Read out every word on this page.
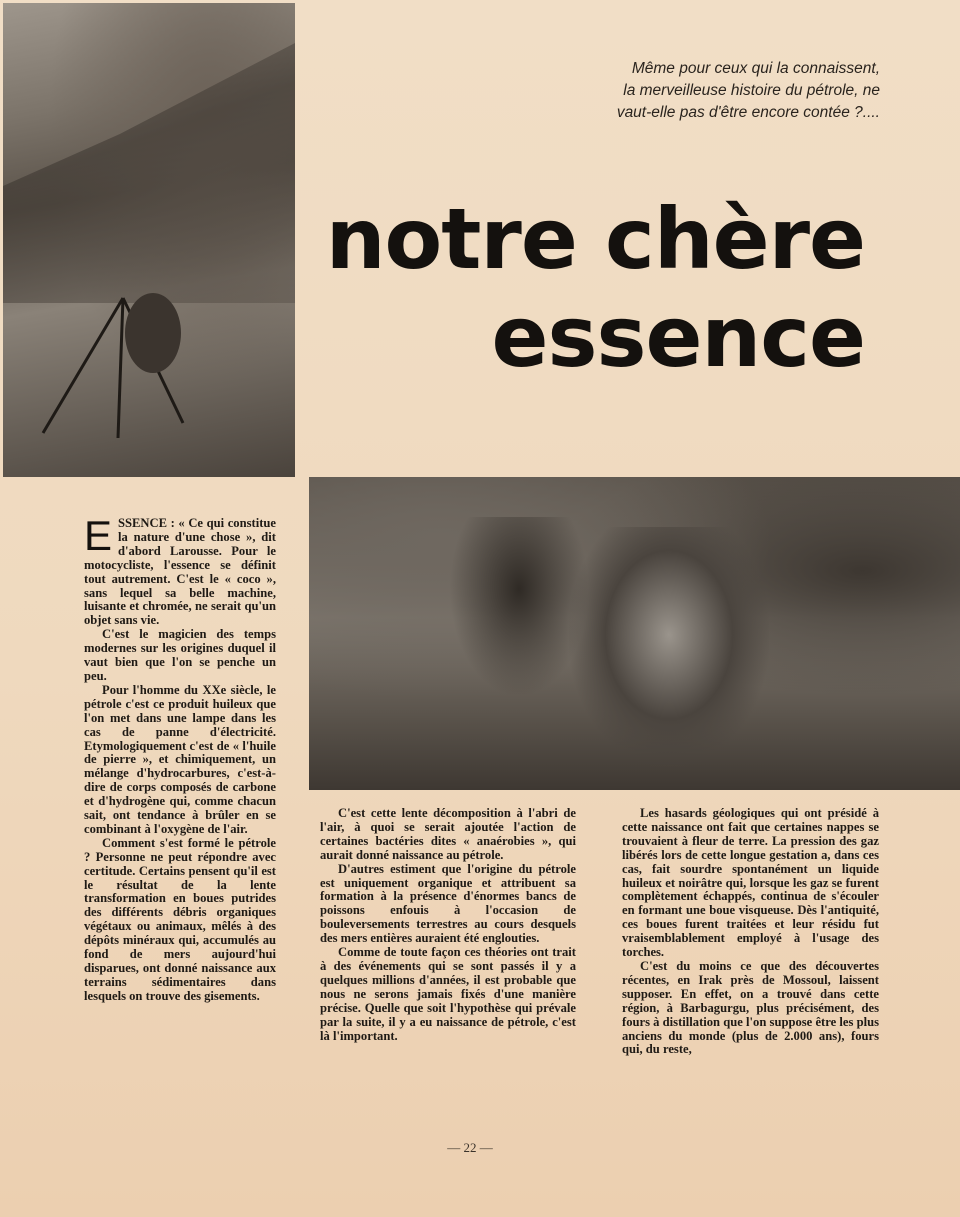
Même pour ceux qui la connaissent,
la merveilleuse histoire du pétrole, ne
vaut-elle pas d'être encore contée ?....
notre chère
essence

ESSENCE : « Ce qui constitue la nature d'une chose », dit d'abord Larousse. Pour le motocycliste, l'essence se définit tout autrement. C'est le « coco », sans lequel sa belle machine, luisante et chromée, ne serait qu'un objet sans vie.

C'est le magicien des temps modernes sur les origines duquel il vaut bien que l'on se penche un peu.

Pour l'homme du XXe siècle, le pétrole c'est ce produit huileux que l'on met dans une lampe dans les cas de panne d'électricité. Etymologiquement c'est de « l'huile de pierre », et chimiquement, un mélange d'hydrocarbures, c'est-à-dire de corps composés de carbone et d'hydrogène qui, comme chacun sait, ont tendance à brûler en se combinant à l'oxygène de l'air.

Comment s'est formé le pétrole ? Personne ne peut répondre avec certitude. Certains pensent qu'il est le résultat de la lente transformation en boues putrides des différents débris organiques végétaux ou animaux, mêlés à des dépôts minéraux qui, accumulés au fond de mers aujourd'hui disparues, ont donné naissance aux terrains sédimentaires dans lesquels on trouve des gisements.

C'est cette lente décomposition à l'abri de l'air, à quoi se serait ajoutée l'action de certaines bactéries dites « anaérobies », qui aurait donné naissance au pétrole.

D'autres estiment que l'origine du pétrole est uniquement organique et attribuent sa formation à la présence d'énormes bancs de poissons enfouis à l'occasion de bouleversements terrestres au cours desquels des mers entières auraient été englouties.

Comme de toute façon ces théories ont trait à des événements qui se sont passés il y a quelques millions d'années, il est probable que nous ne serons jamais fixés d'une manière précise. Quelle que soit l'hypothèse qui prévale par la suite, il y a eu naissance de pétrole, c'est là l'important.

Les hasards géologiques qui ont présidé à cette naissance ont fait que certaines nappes se trouvaient à fleur de terre. La pression des gaz libérés lors de cette longue gestation a, dans ces cas, fait sourdre spontanément un liquide huileux et noirâtre qui, lorsque les gaz se furent complètement échappés, continua de s'écouler en formant une boue visqueuse. Dès l'antiquité, ces boues furent traitées et leur résidu fut vraisemblablement employé à l'usage des torches.

C'est du moins ce que des découvertes récentes, en Irak près de Mossoul, laissent supposer. En effet, on a trouvé dans cette région, à Barbagurgu, plus précisément, des fours à distillation que l'on suppose être les plus anciens du monde (plus de 2.000 ans), fours qui, du reste,

— 22 —
